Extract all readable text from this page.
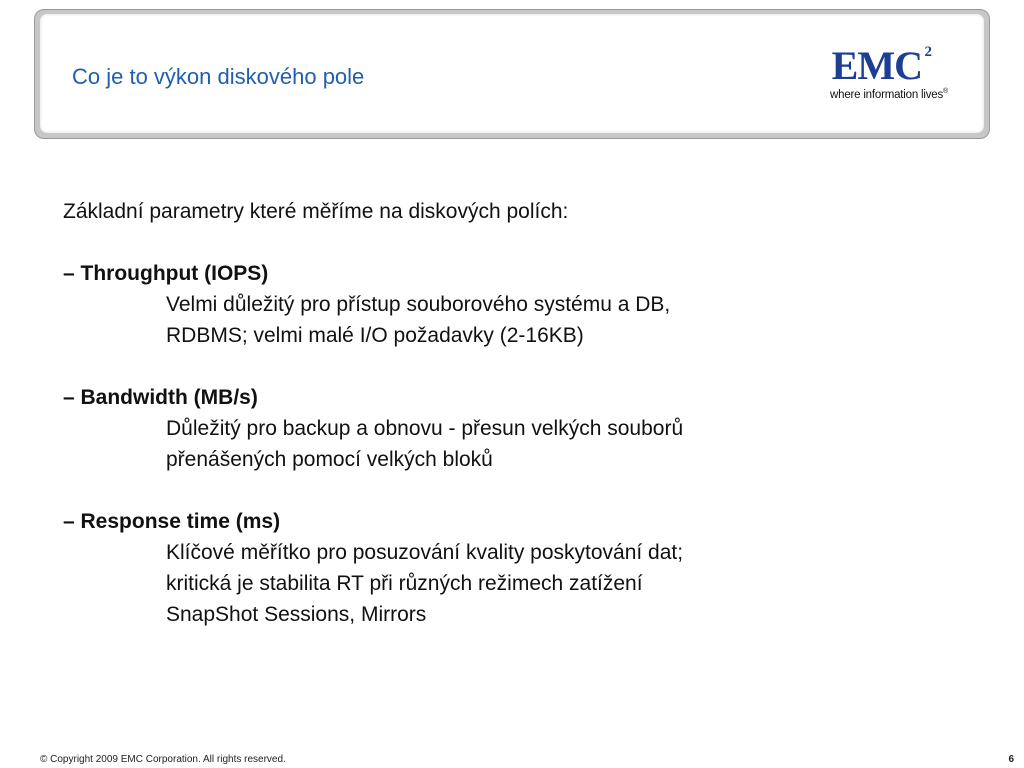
Co je to výkon diskového pole	EMC 2
where information lives®
Základní parametry které měříme na diskových polích:
– Throughput (IOPS)
Velmi důležitý pro přístup souborového systému a DB,
RDBMS; velmi malé I/O požadavky (2-16KB)
– Bandwidth (MB/s)
Důležitý pro backup a obnovu - přesun velkých souborů
přenášených pomocí velkých bloků
– Response time (ms)
Klíčové měřítko pro posuzování kvality poskytování dat;
kritická je stabilita RT při různých režimech zatížení
SnapShot Sessions, Mirrors
© Copyright 2009 EMC Corporation. All rights reserved.	6
